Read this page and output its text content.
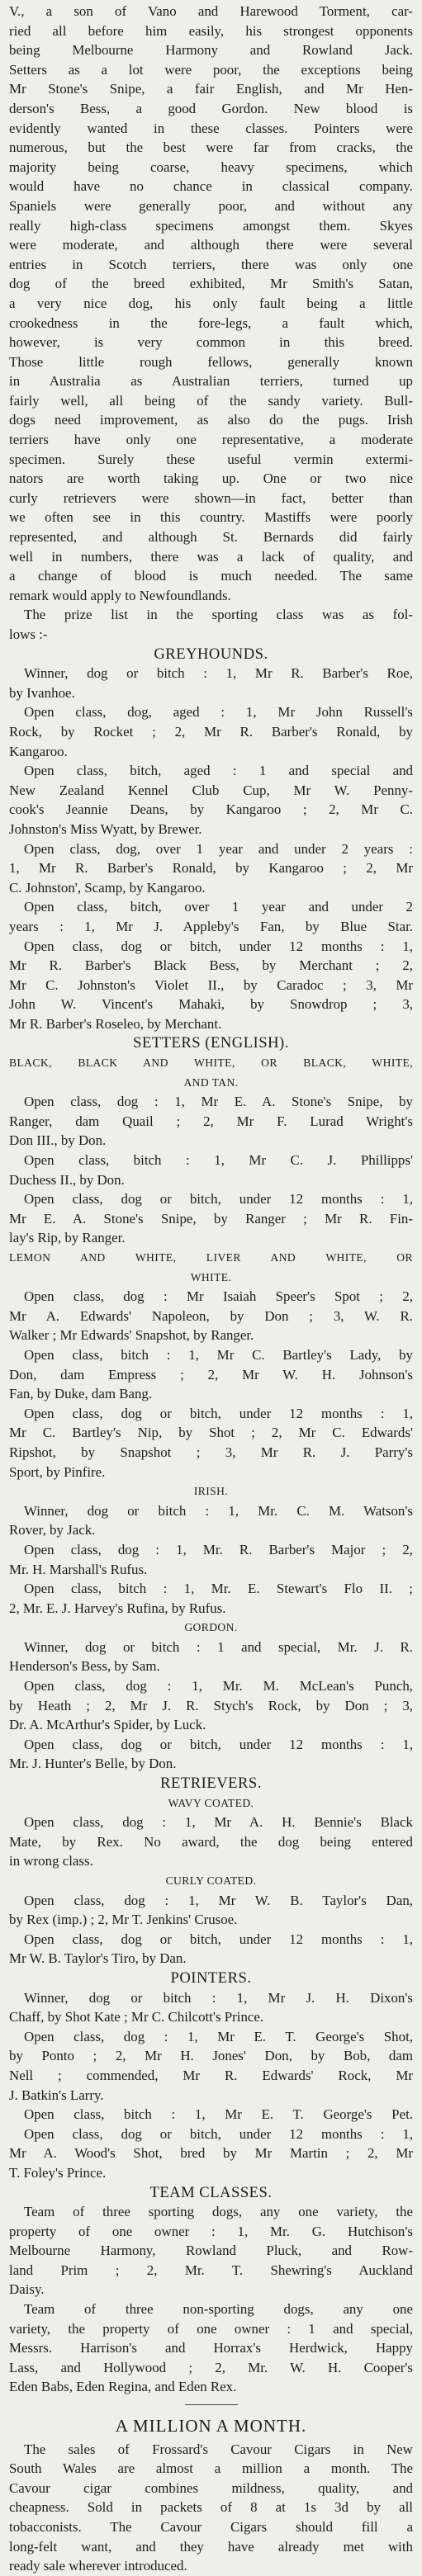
V., a son of Vano and Harewood Torment, car-
ried all before him easily, his strongest opponents
being Melbourne Harmony and Rowland Jack.
Setters as a lot were poor, the exceptions being
Mr Stone's Snipe, a fair English, and Mr Hen-
derson's Bess, a good Gordon. New blood is
evidently wanted in these classes. Pointers were
numerous, but the best were far from cracks, the
majority being coarse, heavy specimens, which
would have no chance in classical company.
Spaniels were generally poor, and without any
really high-class specimens amongst them. Skyes
were moderate, and although there were several
entries in Scotch terriers, there was only one
dog of the breed exhibited, Mr Smith's Satan,
a very nice dog, his only fault being a little
crookedness in the fore-legs, a fault which,
however, is very common in this breed.
Those little rough fellows, generally known
in Australia as Australian terriers, turned up
fairly well, all being of the sandy variety. Bull-
dogs need improvement, as also do the pugs. Irish
terriers have only one representative, a moderate
specimen. Surely these useful vermin extermi-
nators are worth taking up. One or two nice
curly retrievers were shown—in fact, better than
we often see in this country. Mastiffs were poorly
represented, and although St. Bernards did fairly
well in numbers, there was a lack of quality, and
a change of blood is much needed. The same
remark would apply to Newfoundlands.
The prize list in the sporting class was as fol-
lows :-
GREYHOUNDS.
Winner, dog or bitch : 1, Mr R. Barber's Roe,
by Ivanhoe.
Open class, dog, aged : 1, Mr John Russell's
Rock, by Rocket ; 2, Mr R. Barber's Ronald, by
Kangaroo.
Open class, bitch, aged : 1 and special and
New Zealand Kennel Club Cup, Mr W. Penny-
cook's Jeannie Deans, by Kangaroo ; 2, Mr C.
Johnston's Miss Wyatt, by Brewer.
Open class, dog, over 1 year and under 2 years :
1, Mr R. Barber's Ronald, by Kangaroo ; 2, Mr
C. Johnston', Scamp, by Kangaroo.
Open class, bitch, over 1 year and under 2
years : 1, Mr J. Appleby's Fan, by Blue Star.
Open class, dog or bitch, under 12 months : 1,
Mr R. Barber's Black Bess, by Merchant ; 2,
Mr C. Johnston's Violet II., by Caradoc ; 3, Mr
John W. Vincent's Mahaki, by Snowdrop ; 3,
Mr R. Barber's Roseleo, by Merchant.
SETTERS (ENGLISH).
BLACK, BLACK AND WHITE, OR BLACK, WHITE,
AND TAN.
Open class, dog : 1, Mr E. A. Stone's Snipe, by
Ranger, dam Quail ; 2, Mr F. Lurad Wright's
Don III., by Don.
Open class, bitch : 1, Mr C. J. Phillipps'
Duchess II., by Don.
Open class, dog or bitch, under 12 months : 1,
Mr E. A. Stone's Snipe, by Ranger ; Mr R. Fin-
lay's Rip, by Ranger.
LEMON AND WHITE, LIVER AND WHITE, OR
WHITE.
Open class, dog : Mr Isaiah Speer's Spot ; 2,
Mr A. Edwards' Napoleon, by Don ; 3, W. R.
Walker ; Mr Edwards' Snapshot, by Ranger.
Open class, bitch : 1, Mr C. Bartley's Lady, by
Don, dam Empress ; 2, Mr W. H. Johnson's
Fan, by Duke, dam Bang.
Open class, dog or bitch, under 12 months : 1,
Mr C. Bartley's Nip, by Shot ; 2, Mr C. Edwards'
Ripshot, by Snapshot ; 3, Mr R. J. Parry's
Sport, by Pinfire.
IRISH.
Winner, dog or bitch : 1, Mr. C. M. Watson's
Rover, by Jack.
Open class, dog : 1, Mr. R. Barber's Major ; 2,
Mr. H. Marshall's Rufus.
Open class, bitch : 1, Mr. E. Stewart's Flo II. ;
2, Mr. E. J. Harvey's Rufina, by Rufus.
GORDON.
Winner, dog or bitch : 1 and special, Mr. J. R.
Henderson's Bess, by Sam.
Open class, dog : 1, Mr. M. McLean's Punch,
by Heath ; 2, Mr J. R. Stych's Rock, by Don ; 3,
Dr. A. McArthur's Spider, by Luck.
Open class, dog or bitch, under 12 months : 1,
Mr. J. Hunter's Belle, by Don.
RETRIEVERS.
WAVY COATED.
Open class, dog : 1, Mr A. H. Bennie's Black
Mate, by Rex. No award, the dog being entered
in wrong class.
CURLY COATED.
Open class, dog : 1, Mr W. B. Taylor's Dan,
by Rex (imp.) ; 2, Mr T. Jenkins' Crusoe.
Open class, dog or bitch, under 12 months : 1,
Mr W. B. Taylor's Tiro, by Dan.
POINTERS.
Winner, dog or bitch : 1, Mr J. H. Dixon's
Chaff, by Shot Kate ; Mr C. Chilcott's Prince.
Open class, dog : 1, Mr E. T. George's Shot,
by Ponto ; 2, Mr H. Jones' Don, by Bob, dam
Nell ; commended, Mr R. Edwards' Rock, Mr
J. Batkin's Larry.
Open class, bitch : 1, Mr E. T. George's Pet.
Open class, dog or bitch, under 12 months : 1,
Mr A. Wood's Shot, bred by Mr Martin ; 2, Mr
T. Foley's Prince.
TEAM CLASSES.
Team of three sporting dogs, any one variety, the
property of one owner : 1, Mr. G. Hutchison's
Melbourne Harmony, Rowland Pluck, and Row-
land Prim ; 2, Mr. T. Shewring's Auckland
Daisy.
Team of three non-sporting dogs, any one
variety, the property of one owner : 1 and special,
Messrs. Harrison's and Horrax's Herdwick, Happy
Lass, and Hollywood ; 2, Mr. W. H. Cooper's
Eden Babs, Eden Regina, and Eden Rex.
A MILLION A MONTH.
The sales of Frossard's Cavour Cigars in New
South Wales are almost a million a month. The
Cavour cigar combines mildness, quality, and
cheapness. Sold in packets of 8 at 1s 3d by all
tobacconists. The Cavour Cigars should fill a
long-felt want, and they have already met with
ready sale wherever introduced.
